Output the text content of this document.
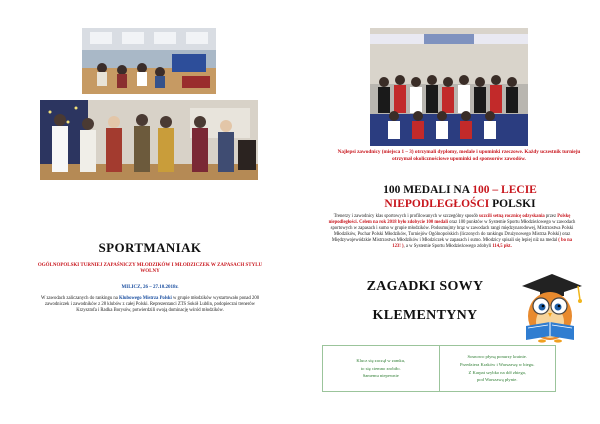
Najlepsi zawodnicy (miejsca 1 – 3) otrzymali dyplomy, medale i upominki rzeczowe. Każdy uczestnik turnieju otrzymał okolicznościowe upominki od sponsorów zawodów.
100 MEDALI NA 100 – LECIE
NIEPODLEGŁOŚCI POLSKI
Trenerzy i zawodnicy klas sportowych i profilowanych w szczególny sposób uczcili setną rocznicę odzyskania przez Polskę niepodległości. Celem na rok 2018 było zdobycie 100 medali oraz 100 punktów w Systemie Sportu Młodzieżowego w zawodach sportowych w zapasach i sumo w grupie młodzików. Podsumujmy brąz w zawodach rangi międzynarodowej, Mistrzostwa Polski Młodzików, Puchar Polski Młodzików, Turniejów Ogólnopolskich (liczonych do rankingu Drużynowego Mistrza Polski) oraz Międzywojewódzkie Mistrzostwa Młodzików i Młodziczek w zapasach i sumo. Młodzicy spisali się lepiej niż na medal ( bo na 123! ), a w Systemie Sportu Młodzieżowego zdobyli 114,5 pkt.
ZAGADKI SOWY KLEMENTYNY
Klucz się zaczął w zamku,
to się ciemno zrobiło.
Samemu niepewnie
Sosnowo płyną ponurzy krainie.
Przedziera Kraków i Warszawę w biegu.
Z Karpat szybko na dół zbiega,
pod Warszawą płynie.
SPORTMANIAK
OGÓLNOPOLSKI TURNIEJ ZAPAŚNICZY MŁODZIKÓW I MŁODZICZEK W ZAPASACH STYLU WOLNY
MILICZ, 26 – 27.10.2018r.
W zawodach zaliczanych do rankingu na Klubowego Mistrza Polski w grupie młodzików wystartowało ponad 200 zawodniczek i zawodników z 28 klubów z całej Polski. Reprezentanci ZTS Sokół Lublin, podopieczni trenerów Krzysztofa i Radka Borysów, potwierdzili swoją dominację wśród młodzików.
